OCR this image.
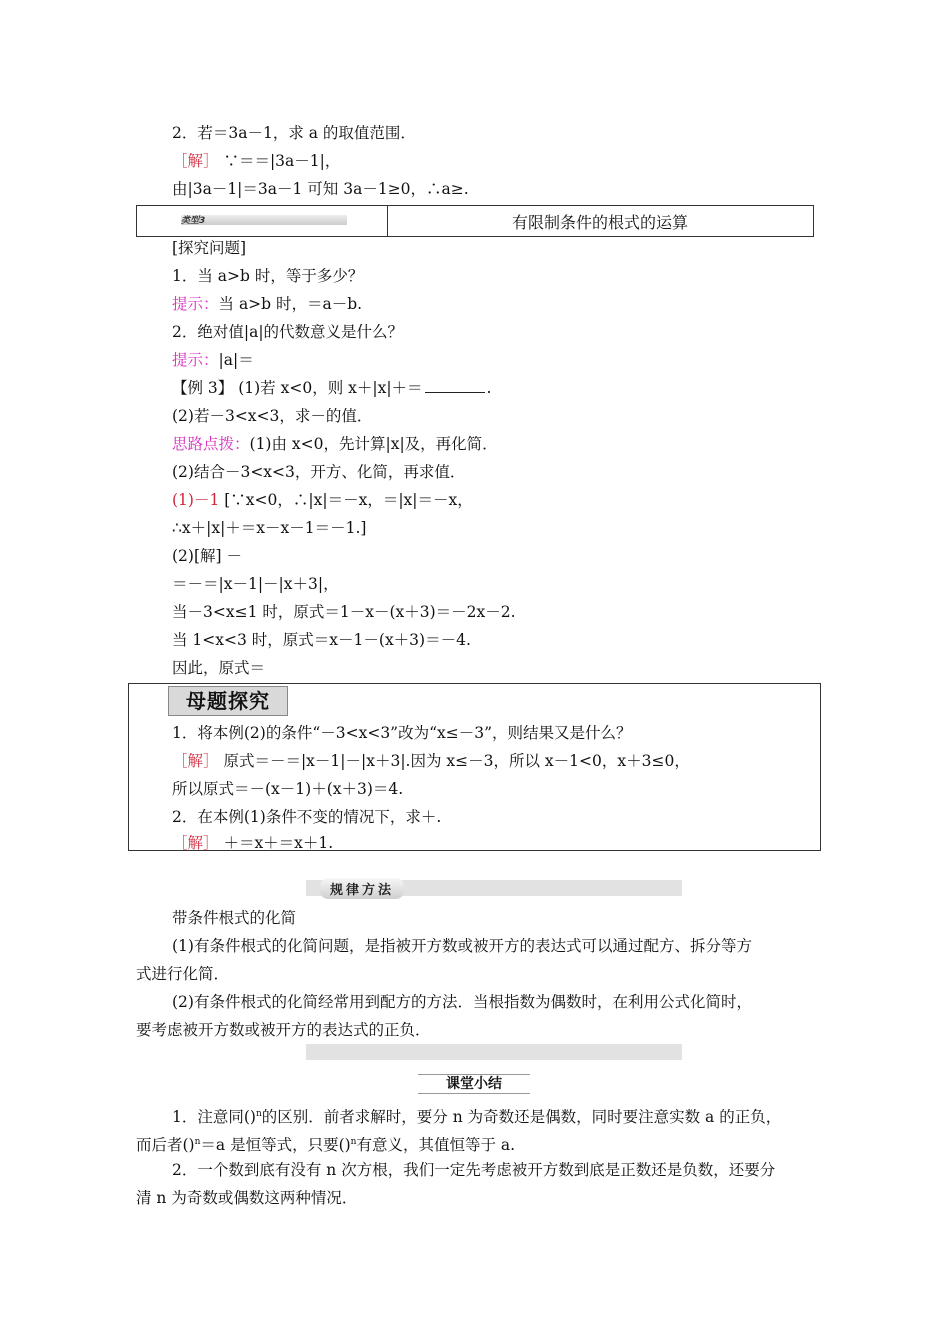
2．若＝3a－1，求 a 的取值范围．
［解］ ∵＝＝|3a－1|，
由|3a－1|＝3a－1 可知 3a－1≥0，∴a≥.
类型3	有限制条件的根式的运算
[探究问题]
1．当 a>b 时，等于多少？
提示：当 a>b 时，＝a－b.
2．绝对值|a|的代数意义是什么？
提示：|a|＝
【例 3】 (1)若 x<0，则 x＋|x|＋＝	.
(2)若－3<x<3，求－的值．
思路点拨：(1)由 x<0，先计算|x|及，再化简．
(2)结合－3<x<3，开方、化简，再求值．
(1)－1 [∵x<0，∴|x|＝－x，＝|x|＝－x，
∴x＋|x|＋＝x－x－1＝－1.]
(2)[解] －
＝－＝|x－1|－|x＋3|，
当－3<x≤1 时，原式＝1－x－(x＋3)＝－2x－2.
当 1<x<3 时，原式＝x－1－(x＋3)＝－4.
因此，原式＝
母题探究
1．将本例(2)的条件“－3<x<3”改为“x≤－3”，则结果又是什么？
［解］ 原式＝－＝|x－1|－|x＋3|.因为 x≤－3，所以 x－1<0，x＋3≤0，
所以原式＝－(x－1)＋(x＋3)＝4.
2．在本例(1)条件不变的情况下，求＋.
［解］ ＋＝x＋＝x＋1.
规律方法
带条件根式的化简
(1)有条件根式的化简问题，是指被开方数或被开方的表达式可以通过配方、拆分等方
式进行化简．
(2)有条件根式的化简经常用到配方的方法．当根指数为偶数时，在利用公式化简时，
要考虑被开方数或被开方的表达式的正负．
课堂小结
1．注意同()$^n$的区别．前者求解时，要分 n 为奇数还是偶数，同时要注意实数 a 的正负，
而后者()$^n$＝a 是恒等式，只要()$^n$有意义，其值恒等于 a.
2．一个数到底有没有 n 次方根，我们一定先考虑被开方数到底是正数还是负数，还要分
清 n 为奇数或偶数这两种情况．
